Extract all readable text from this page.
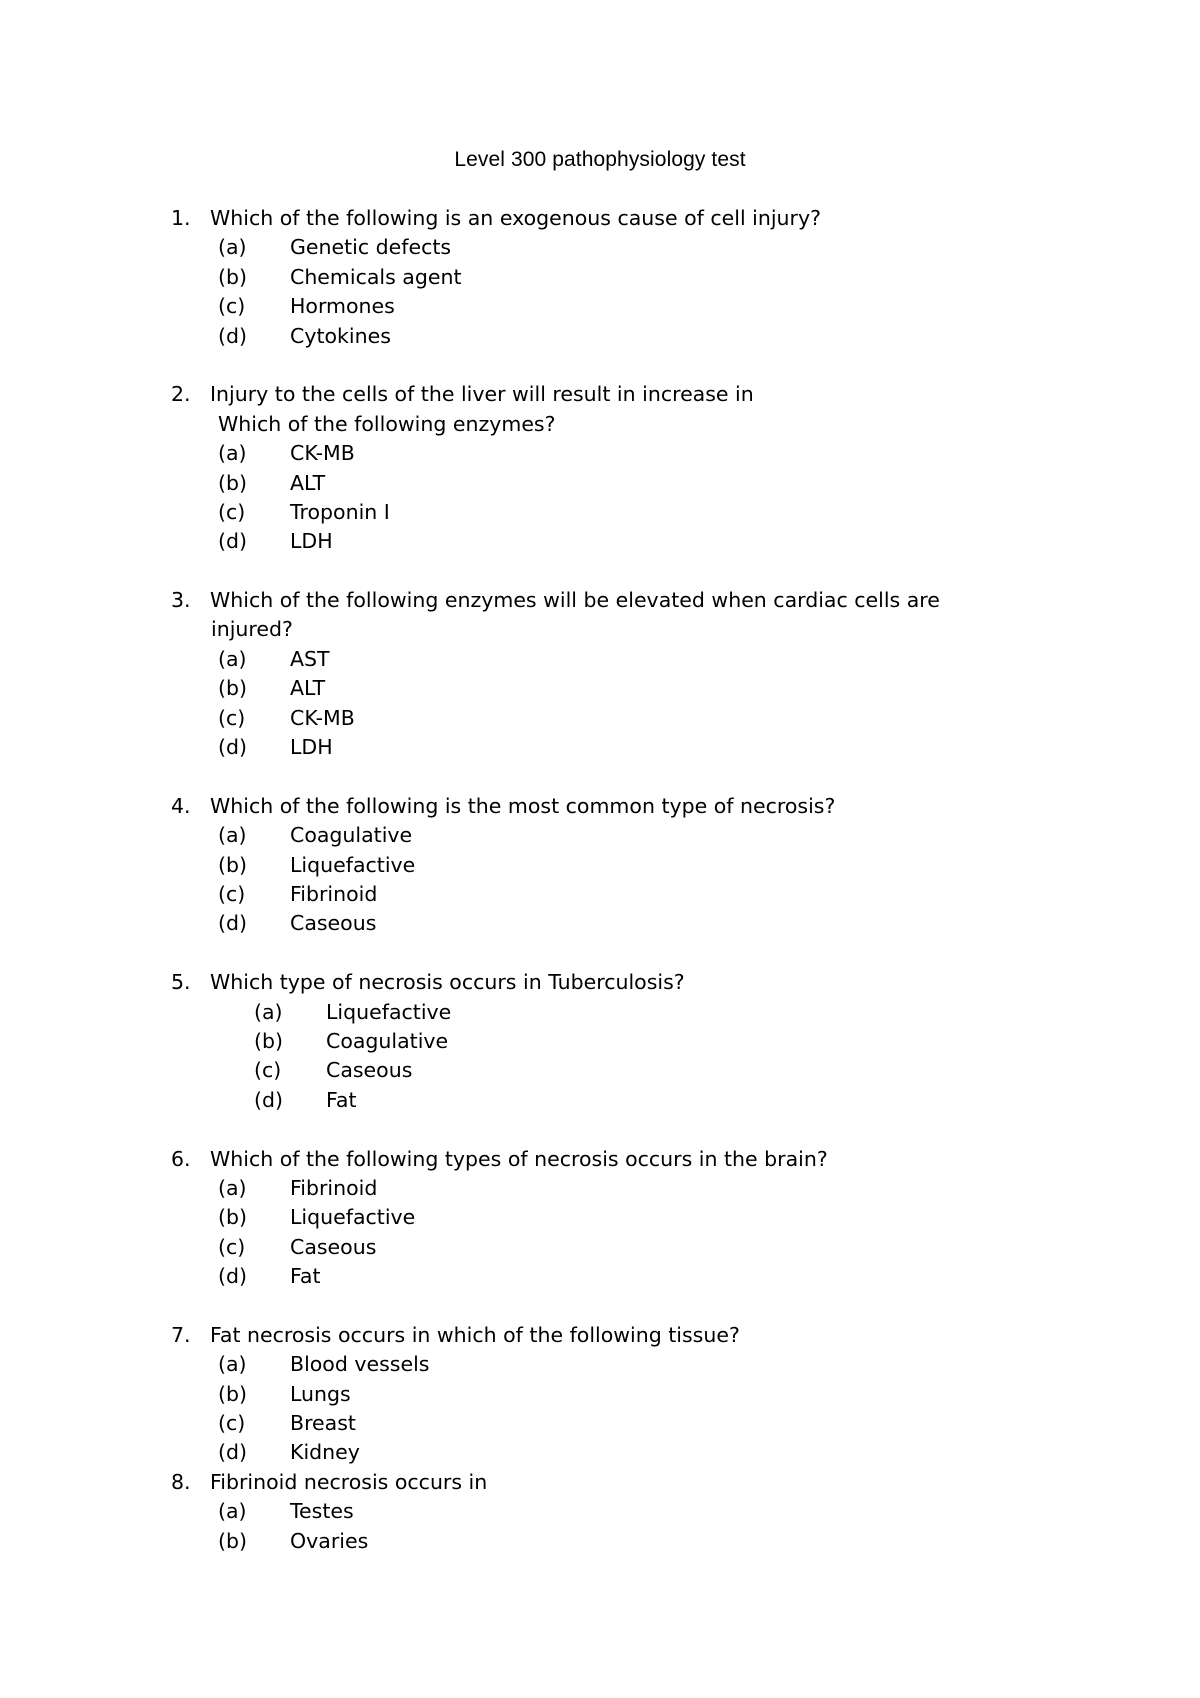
Level 300 pathophysiology test
1. Which of the following is an exogenous cause of cell injury?
(a) Genetic defects
(b) Chemicals agent
(c) Hormones
(d) Cytokines
2. Injury to the cells of the liver will result in increase in
Which of the following enzymes?
(a) CK-MB
(b) ALT
(c) Troponin I
(d) LDH
3. Which of the following enzymes will be elevated when cardiac cells are
injured?
(a) AST
(b) ALT
(c) CK-MB
(d) LDH
4. Which of the following is the most common type of necrosis?
(a) Coagulative
(b) Liquefactive
(c) Fibrinoid
(d) Caseous
5. Which type of necrosis occurs in Tuberculosis?
(a) Liquefactive
(b) Coagulative
(c) Caseous
(d) Fat
6. Which of the following types of necrosis occurs in the brain?
(a) Fibrinoid
(b) Liquefactive
(c) Caseous
(d) Fat
7. Fat necrosis occurs in which of the following tissue?
(a) Blood vessels
(b) Lungs
(c) Breast
(d) Kidney
8. Fibrinoid necrosis occurs in
(a) Testes
(b) Ovaries
